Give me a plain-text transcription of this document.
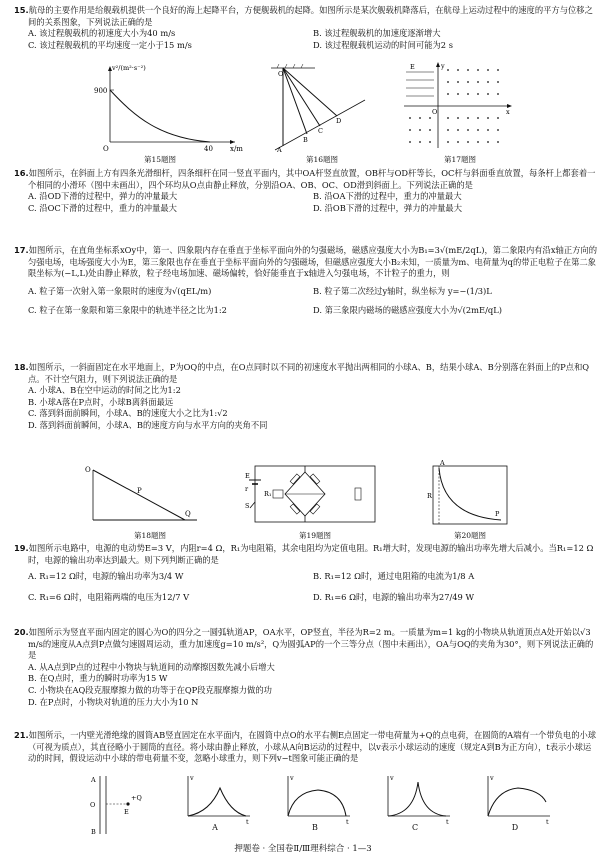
15.航母的主要作用是给舰载机提供一个良好的海上起降平台，方便舰载机的起降。如图所示是某次舰载机降落后，在航母上运动过程中的速度的平方与位移之间的关系图象，下列说法正确的是

A. 该过程舰载机的初速度大小为40 m/s	B. 该过程舰载机的加速度逐渐增大
C. 该过程舰载机的平均速度一定小于15 m/s	D. 该过程舰载机运动的时间可能为2 s
v²/(m²·s⁻²)
900
40
O	x/m
第15题图
O
A
B
C
D
第16题图
O	x
y
E
第17题图

16.如图所示，在斜面上方有四条光滑细杆，四条细杆在同一竖直平面内，其中OA杆竖直放置，OB杆与OD杆等长，OC杆与斜面垂直放置，每条杆上都套着一个相同的小滑环（图中未画出），四个环均从O点由静止释放，分别沿OA、OB、OC、OD滑到斜面上。下列说法正确的是

A. 沿OD下滑的过程中，弹力的冲量最大	B. 沿OA下滑的过程中，重力的冲量最大
C. 沿OC下滑的过程中，重力的冲量最大	D. 沿OB下滑的过程中，弹力的冲量最大

17.如图所示，在直角坐标系xOy中，第一、四象限内存在垂直于坐标平面向外的匀强磁场，磁感应强度大小为B₁=3√(mE/2qL)，第二象限内有沿x轴正方向的匀强电场，电场强度大小为E，第三象限也存在垂直于坐标平面向外的匀强磁场，但磁感应强度大小B₂未知，一质量为m、电荷量为q的带正电粒子在第二象限坐标为(−L,L)处由静止释放，粒子经电场加速、磁场偏转，恰好能垂直于x轴进入匀强电场，不计粒子的重力，则

A. 粒子第一次射入第一象限时的速度为√(qEL/m)	B. 粒子第二次经过y轴时，纵坐标为 y=−(1/3)L
C. 粒子在第一象限和第三象限中的轨迹半径之比为1:2	D. 第三象限内磁场的磁感应强度大小为√(2mE/qL)

18.如图所示，一斜面固定在水平地面上，P为OQ的中点，在O点同时以不同的初速度水平抛出两相同的小球A、B，结果小球A、B分别落在斜面上的P点和Q点。不计空气阻力，则下列说法正确的是

A. 小球A、B在空中运动的时间之比为1:2
B. 小球A落在P点时，小球B离斜面最远
C. 落到斜面前瞬间，小球A、B的速度大小之比为1:√2
D. 落到斜面前瞬间，小球A、B的速度方向与水平方向的夹角不同
O
P
Q
第18题图
E
r
S
R₁
第19题图
A
R
P
第20题图

19.如图所示电路中，电源的电动势E=3 V，内阻r=4 Ω，R₁为电阻箱，其余电阻均为定值电阻。R₁增大时，发现电源的输出功率先增大后减小。当R₁=12 Ω时，电源的输出功率达到最大。则下列判断正确的是

A. R₁=12 Ω时，电源的输出功率为3/4 W	B. R₁=12 Ω时，通过电阻箱的电流为1/8 A
C. R₁=6 Ω时，电阻箱两端的电压为12/7 V	D. R₁=6 Ω时，电源的输出功率为27/49 W

20.如图所示为竖直平面内固定的圆心为O的四分之一圆弧轨道AP，OA水平，OP竖直，半径为R=2 m。一质量为m=1 kg的小物块从轨道顶点A处开始以√3 m/s的速度从A点到P点做匀速圆周运动，重力加速度g=10 m/s²，Q为圆弧AP的一个三等分点（图中未画出），OA与OQ的夹角为30°，则下列说法正确的是

A. 从A点到P点的过程中小物块与轨道间的动摩擦因数先减小后增大
B. 在Q点时，重力的瞬时功率为15 W
C. 小物块在AQ段克服摩擦力做的功等于在QP段克服摩擦力做的功
D. 在P点时，小物块对轨道的压力大小为10 N

21.如图所示，一内壁光滑绝缘的圆筒AB竖直固定在水平面内，在圆筒中点O的水平右侧E点固定一带电荷量为+Q的点电荷，在圆筒的A端有一个带负电的小球（可视为质点），其直径略小于圆筒的直径。将小球由静止释放，小球从A向B运动的过程中，以v表示小球运动的速度（规定A到B为正方向），t表示小球运动的时间，假设运动中小球的带电荷量不变，忽略小球重力，则下列v−t图象可能正确的是

A
B
O
E
+Q
v
t
A
v
t
B
v
t
C
v
t
D
押题卷 · 全国卷Ⅱ/Ⅲ理科综合 · 1—3
